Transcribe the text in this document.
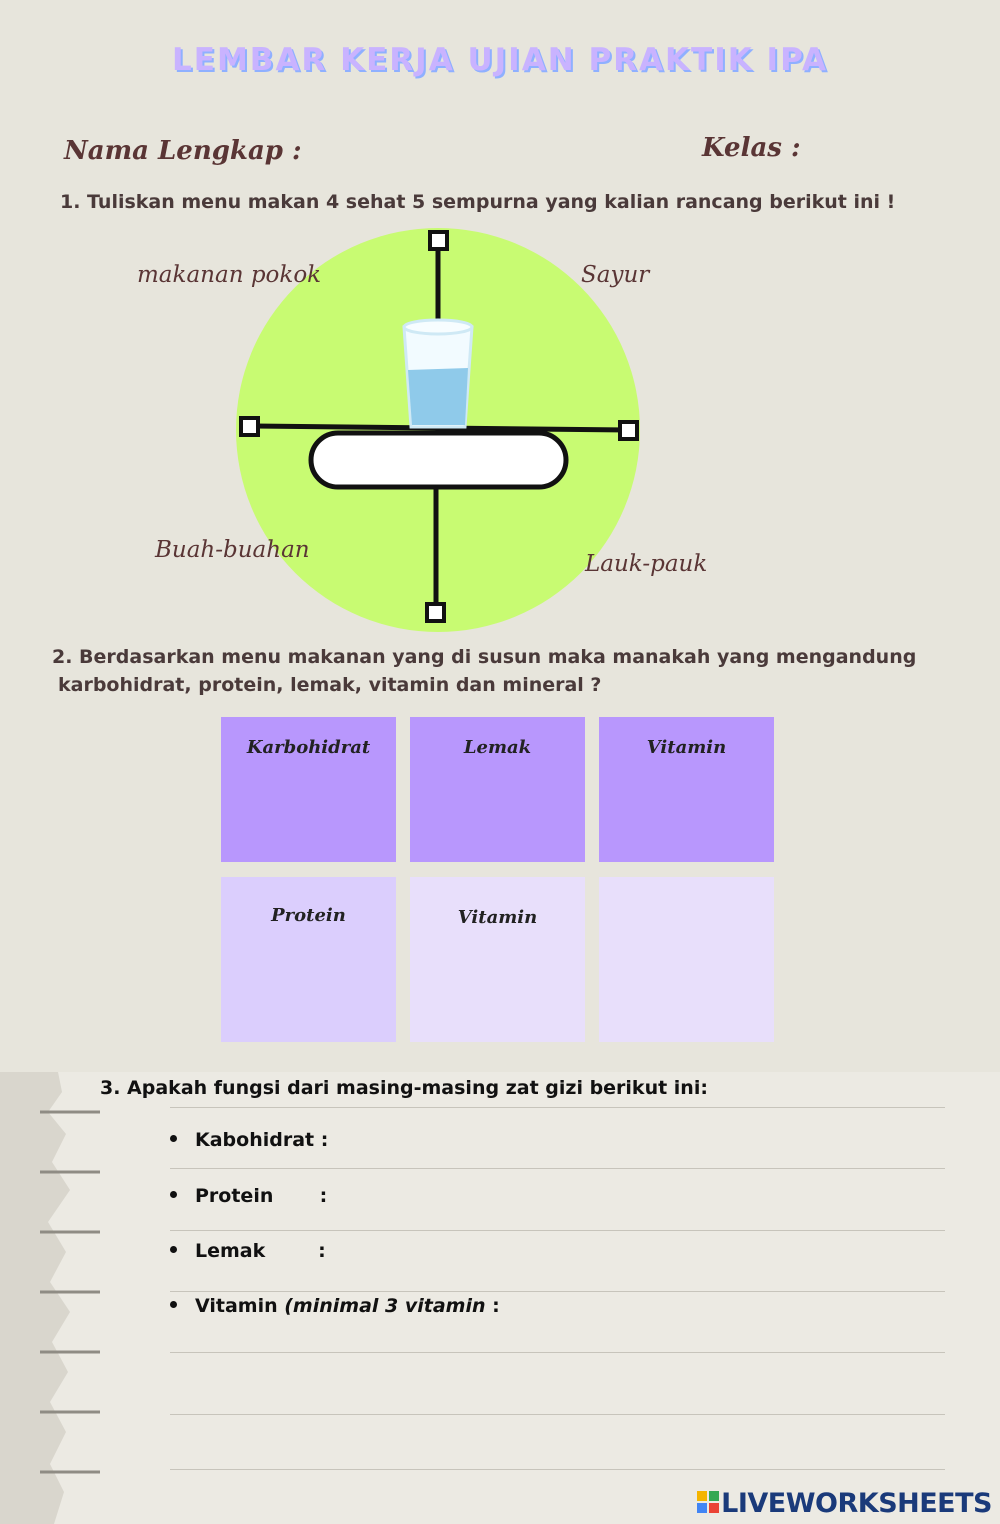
LEMBAR KERJA UJIAN PRAKTIK IPA
Nama Lengkap :	Kelas :
1. Tuliskan menu makan 4 sehat 5 sempurna yang kalian rancang berikut ini !
makanan pokok	Sayur
Buah-buahan
Lauk-pauk
2. Berdasarkan menu makanan yang di susun maka manakah yang mengandung
karbohidrat, protein, lemak, vitamin dan mineral ?
Karbohidrat	Lemak	Vitamin
Protein	Vitamin
3. Apakah fungsi dari masing-masing zat gizi berikut ini:
Kabohidrat :
Protein       :
Lemak        :
Vitamin (minimal 3 vitamin :
LIVEWORKSHEETS
